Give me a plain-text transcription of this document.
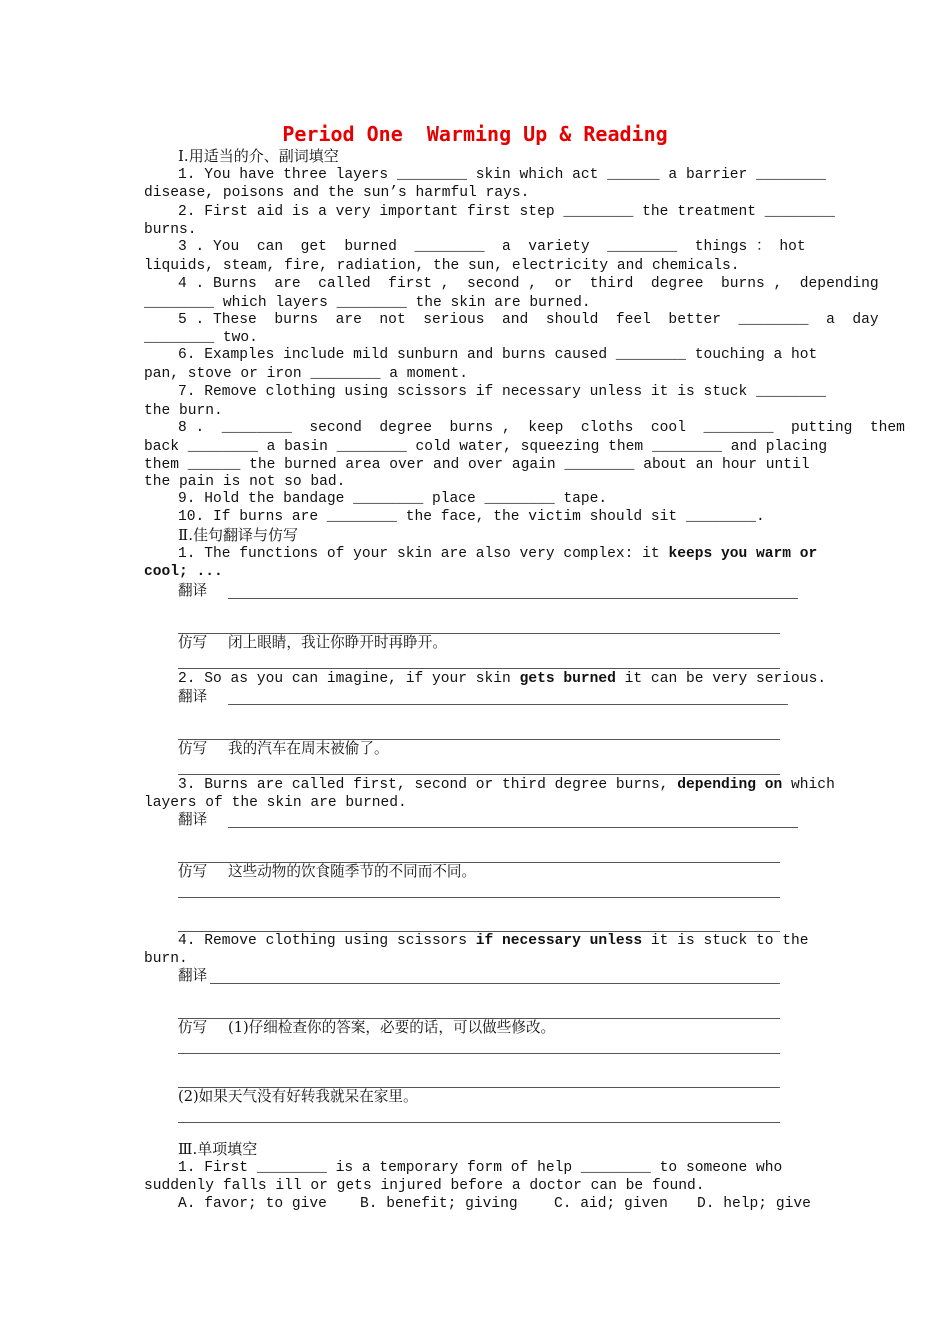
Period One  Warming Up & Reading
Ⅰ.用适当的介、副词填空
1. You have three layers ________ skin which act ______ a barrier ________
disease, poisons and the sun’s harmful rays.
2. First aid is a very important first step ________ the treatment ________
burns.
3 . You  can  get  burned  ________  a  variety  ________  things ： hot
liquids, steam, fire, radiation, the sun, electricity and chemicals.
4 . Burns  are  called  first ,  second ,  or  third  degree  burns ,  depending
________ which layers ________ the skin are burned.
5 . These  burns  are  not  serious  and  should  feel  better  ________  a  day
________ two.
6. Examples include mild sunburn and burns caused ________ touching a hot
pan, stove or iron ________ a moment.
7. Remove clothing using scissors if necessary unless it is stuck ________
the burn.
8 .  ________  second  degree  burns ,  keep  cloths  cool  ________  putting  them
back ________ a basin ________ cold water, squeezing them ________ and placing
them ______ the burned area over and over again ________ about an hour until
the pain is not so bad.
9. Hold the bandage ________ place ________ tape.
10. If burns are ________ the face, the victim should sit ________.
Ⅱ.佳句翻译与仿写
1. The functions of your skin are also very complex: it keeps you warm or
cool; ...
翻译
仿写 闭上眼睛，我让你睁开时再睁开。
2. So as you can imagine, if your skin gets burned it can be very serious.
翻译
仿写 我的汽车在周末被偷了。
3. Burns are called first, second or third degree burns, depending on which
layers of the skin are burned.
翻译
仿写 这些动物的饮食随季节的不同而不同。
4. Remove clothing using scissors if necessary unless it is stuck to the
burn.
翻译
仿写 (1)仔细检查你的答案，必要的话，可以做些修改。
(2)如果天气没有好转我就呆在家里。
Ⅲ.单项填空
1. First ________ is a temporary form of help ________ to someone who
suddenly falls ill or gets injured before a doctor can be found.
A. favor; to give B. benefit; giving C. aid; given D. help; give
